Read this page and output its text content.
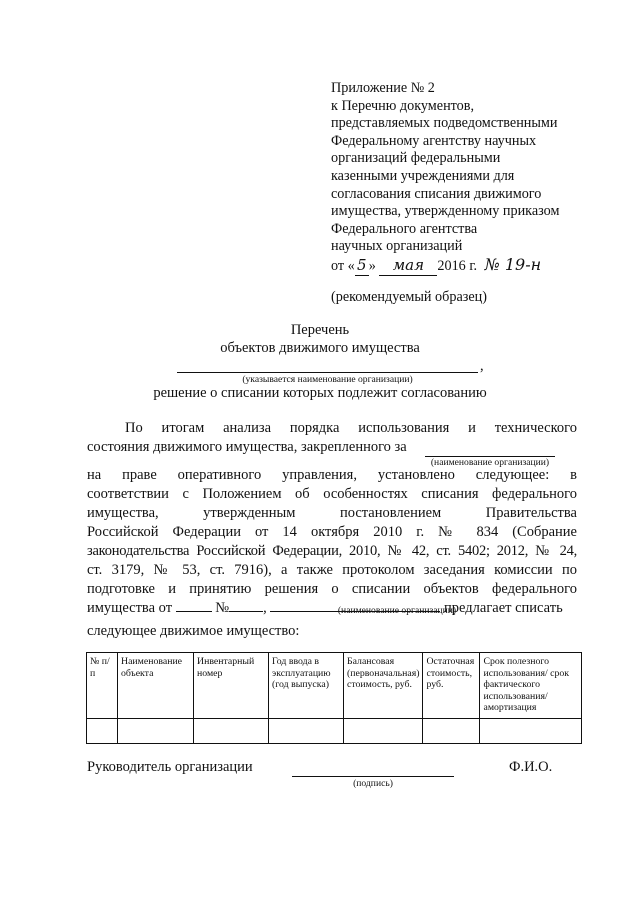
Приложение № 2
к Перечню документов,
представляемых подведомственными
Федеральному агентству научных
организаций федеральными
казенными учреждениями для
согласования списания движимого
имущества, утвержденному приказом
Федерального агентства
научных организаций
от « 5 » мая 2016 г. № 19-н
(рекомендуемый образец)
Перечень
объектов движимого имущества
,
(указывается наименование организации)
решение о списании которых подлежит согласованию
По итогам анализа порядка использования и технического
состояния движимого имущества, закрепленного за
(наименование организации)
на праве оперативного управления, установлено следующее: в
соответствии с Положением об особенностях списания федерального
имущества, утвержденным постановлением Правительства
Российской Федерации от 14 октября 2010 г. № 834 (Собрание
законодательства Российской Федерации, 2010, № 42, ст. 5402; 2012, № 24,
ст. 3179, № 53, ст. 7916), а также протоколом заседания комиссии по
подготовке и принятию решения о списании объектов федерального
имущества от	№ ,	предлагает списать
(наименование организации)
следующее движимое имущество:
№ п/п	Наименование объекта	Инвентарный номер	Год ввода в эксплуатацию (год выпуска)	Балансовая (первоначальная) стоимость, руб.	Остаточная стоимость, руб.	Срок полезного использования/ срок фактического использования/ амортизация

Руководитель организации
(подпись)
Ф.И.О.
